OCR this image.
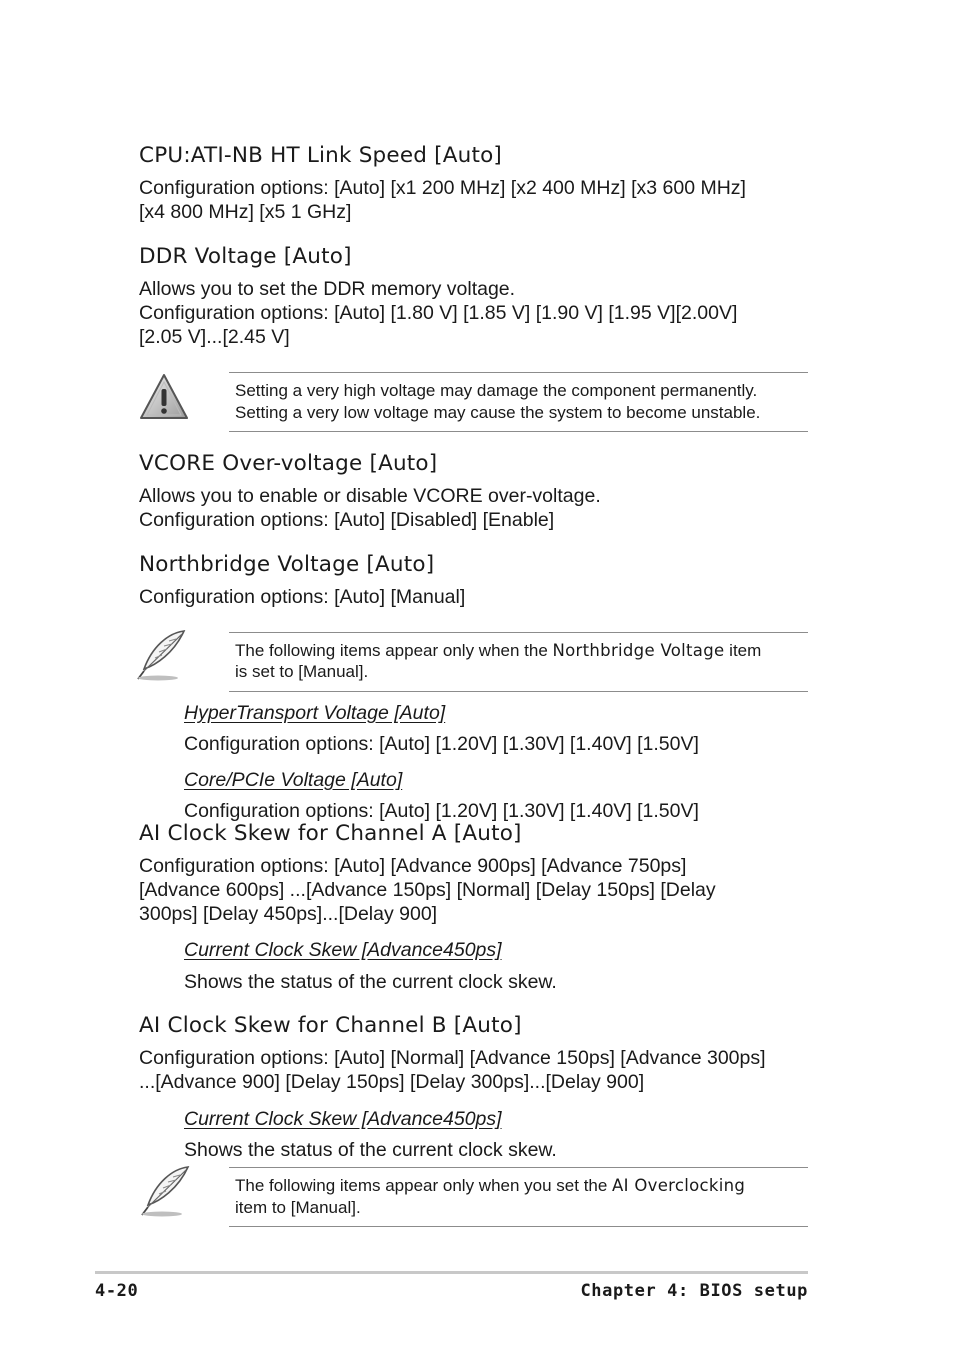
CPU:ATI-NB HT Link Speed [Auto]
Configuration options: [Auto] [x1 200 MHz] [x2 400 MHz] [x3 600 MHz]
[x4 800 MHz] [x5 1 GHz]
DDR Voltage [Auto]
Allows you to set the DDR memory voltage.
Configuration options: [Auto] [1.80 V] [1.85 V] [1.90 V] [1.95 V][2.00V]
[2.05 V]...[2.45 V]
Setting a very high voltage may damage the component permanently.
Setting a very low voltage may cause the system to become unstable.
VCORE Over-voltage [Auto]
Allows you to enable or disable VCORE over-voltage.
Configuration options: [Auto] [Disabled] [Enable]
Northbridge Voltage [Auto]
Configuration options: [Auto] [Manual]
The following items appear only when the Northbridge Voltage item
is set to [Manual].
HyperTransport Voltage [Auto]
Configuration options: [Auto] [1.20V] [1.30V] [1.40V] [1.50V]
Core/PCIe Voltage [Auto]
Configuration options: [Auto] [1.20V] [1.30V] [1.40V] [1.50V]
AI Clock Skew for Channel A [Auto]
Configuration options: [Auto] [Advance 900ps] [Advance 750ps]
[Advance 600ps] ...[Advance 150ps] [Normal] [Delay 150ps] [Delay
300ps] [Delay 450ps]...[Delay 900]
Current Clock Skew [Advance450ps]
Shows the status of the current clock skew.
AI Clock Skew for Channel B [Auto]
Configuration options: [Auto] [Normal] [Advance 150ps] [Advance 300ps]
...[Advance 900] [Delay 150ps] [Delay 300ps]...[Delay 900]
Current Clock Skew [Advance450ps]
Shows the status of the current clock skew.
The following items appear only when you set the AI Overclocking
item to [Manual].
4-20	Chapter 4: BIOS setup
